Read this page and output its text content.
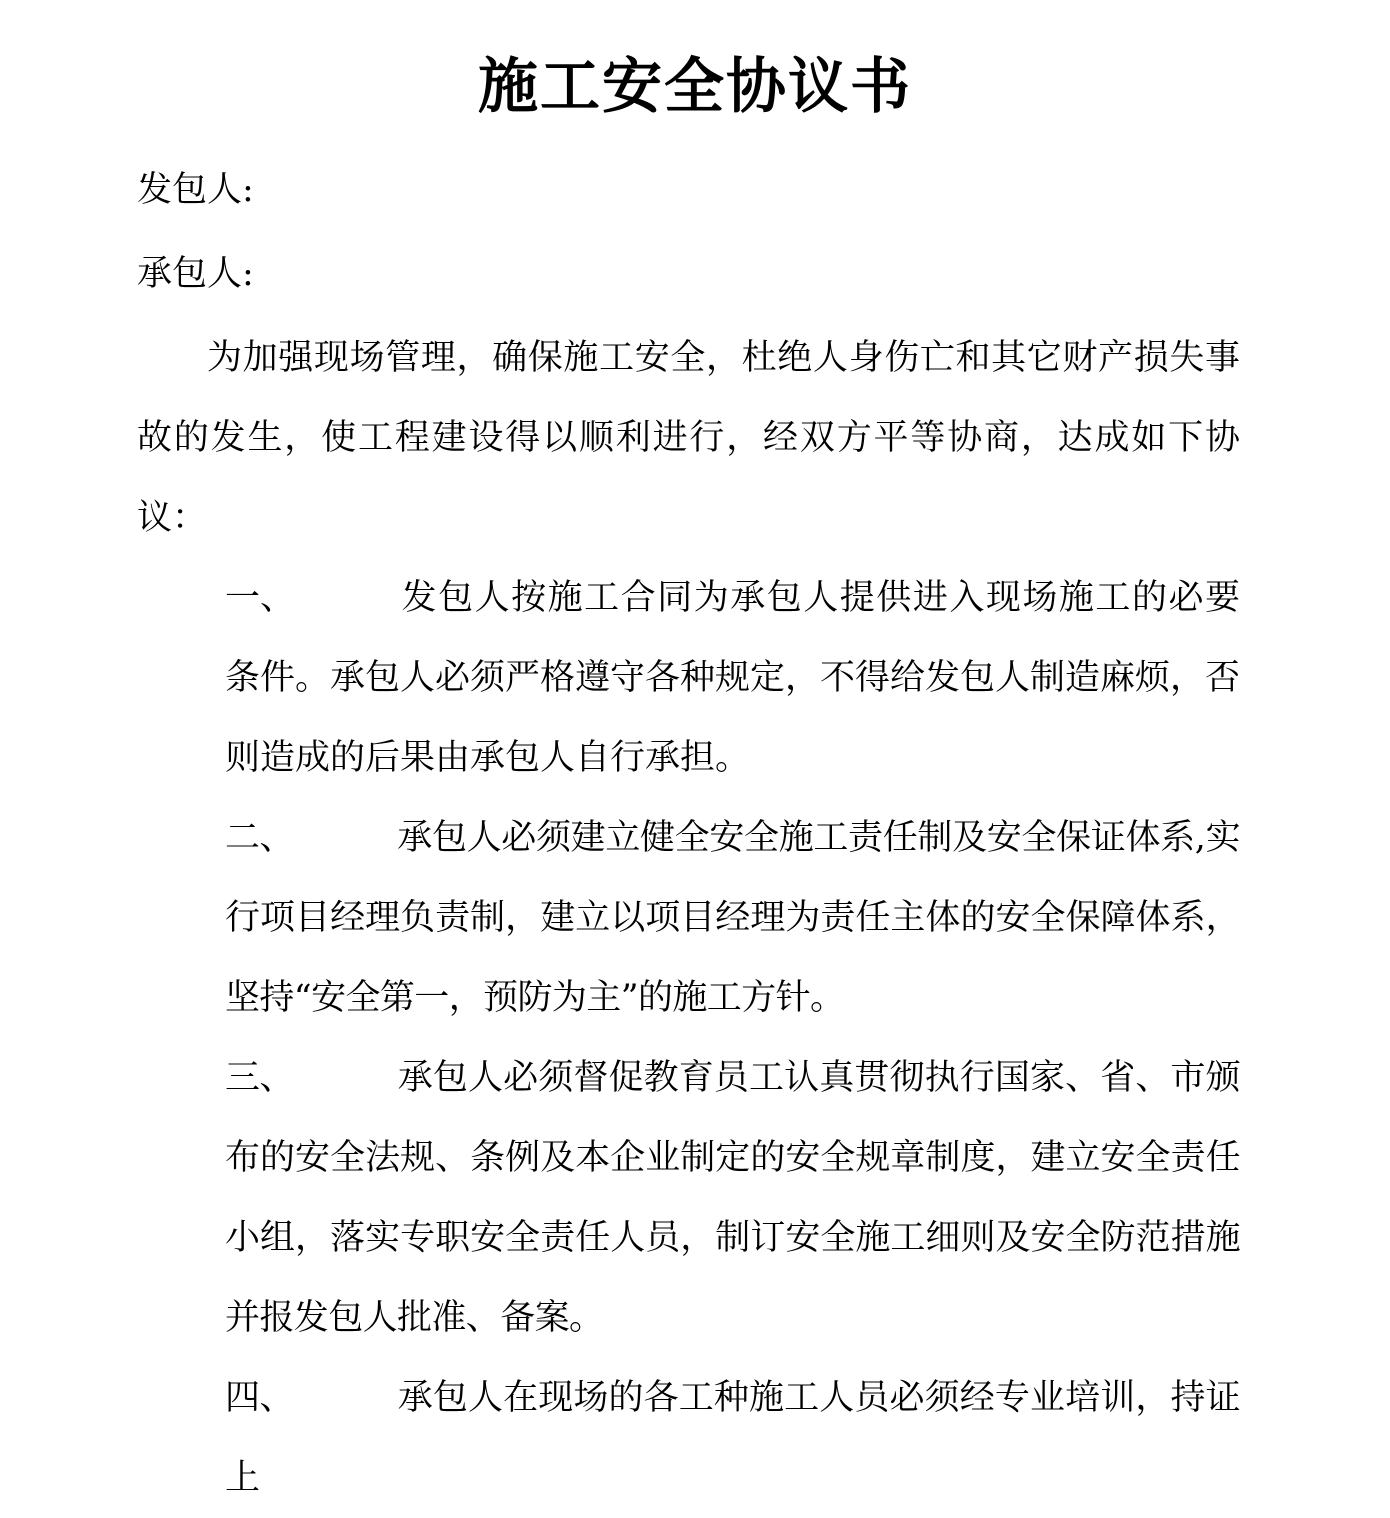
施工安全协议书

发包人:

承包人:

为加强现场管理，确保施工安全，杜绝人身伤亡和其它财产损失事故的发生，使工程建设得以顺利进行，经双方平等协商，达成如下协议：

一、　　　	发包人按施工合同为承包人提供进入现场施工的必要条件。承包人必须严格遵守各种规定，不得给发包人制造麻烦，否则造成的后果由承包人自行承担。

二、　　　	承包人必须建立健全安全施工责任制及安全保证体系,实行项目经理负责制，建立以项目经理为责任主体的安全保障体系，坚持“安全第一，预防为主”的施工方针。

三、　　　	承包人必须督促教育员工认真贯彻执行国家、省、市颁布的安全法规、条例及本企业制定的安全规章制度，建立安全责任小组，落实专职安全责任人员，制订安全施工细则及安全防范措施并报发包人批准、备案。

四、　　　	承包人在现场的各工种施工人员必须经专业培训，持证上
